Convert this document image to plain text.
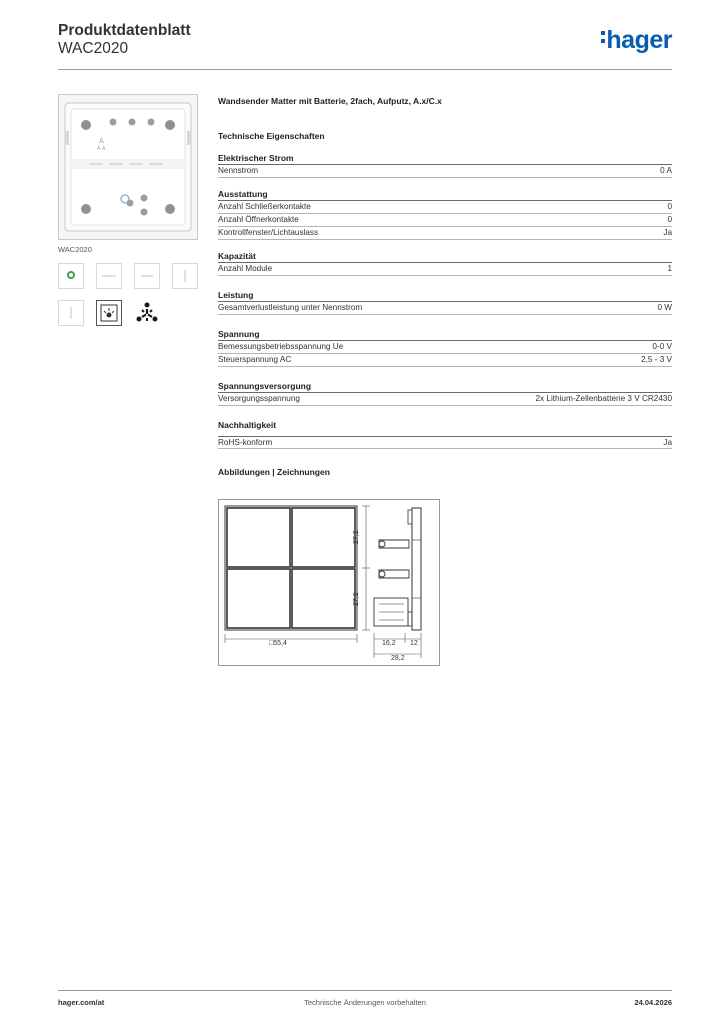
Produktdatenblatt
WAC2020	hager
A
A A
WAC2020
Wandsender Matter mit Batterie, 2fach, Aufputz, A.x/C.x
Technische Eigenschaften
Elektrischer Strom
Nennstrom	0 A
Ausstattung
Anzahl Schließerkontakte	0
Anzahl Öffnerkontakte	0
Kontrollfenster/Lichtauslass	Ja
Kapazität
Anzahl Module	1
Leistung
Gesamtverlustleistung unter Nennstrom	0 W
Spannung
Bemessungsbetriebsspannung Ue	0-0 V
Steuerspannung AC	2,5 - 3 V
Spannungsversorgung
Versorgungsspannung	2x Lithium-Zellenbatterie 3 V CR2430
Nachhaltigkeit
RoHS-konform	Ja
Abbildungen | Zeichnungen
27,2
27,2
□55,4	16,2 12
28,2
hager.com/at	Technische Änderungen vorbehalten	24.04.2026
